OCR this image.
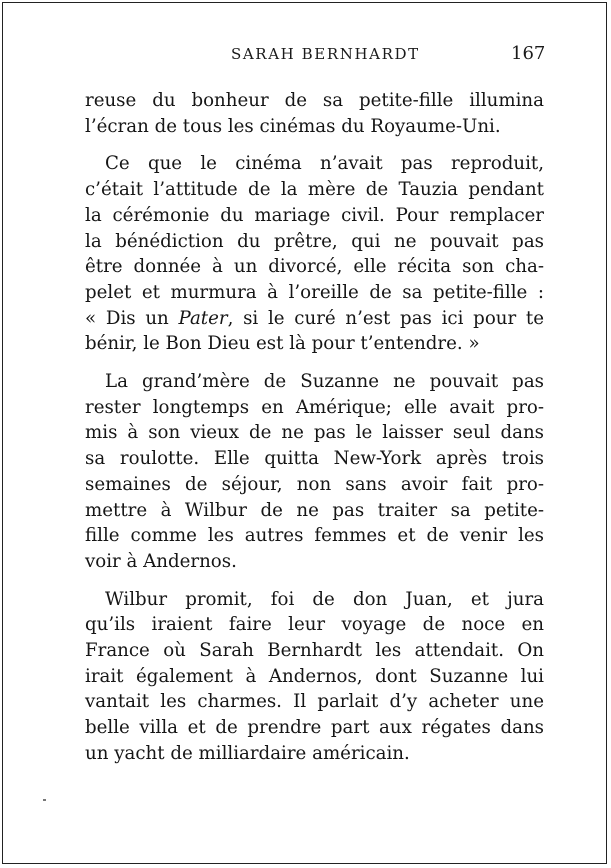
SARAH BERNHARDT	167

reuse du bonheur de sa petite-fille illumina
l’écran de tous les cinémas du Royaume-Uni.

Ce que le cinéma n’avait pas reproduit,
c’était l’attitude de la mère de Tauzia pendant
la cérémonie du mariage civil. Pour remplacer
la bénédiction du prêtre, qui ne pouvait pas
être donnée à un divorcé, elle récita son cha-
pelet et murmura à l’oreille de sa petite-fille :
« Dis un Pater, si le curé n’est pas ici pour te
bénir, le Bon Dieu est là pour t’entendre. »

La grand’mère de Suzanne ne pouvait pas
rester longtemps en Amérique; elle avait pro-
mis à son vieux de ne pas le laisser seul dans
sa roulotte. Elle quitta New-York après trois
semaines de séjour, non sans avoir fait pro-
mettre à Wilbur de ne pas traiter sa petite-
fille comme les autres femmes et de venir les
voir à Andernos.

Wilbur promit, foi de don Juan, et jura
qu’ils iraient faire leur voyage de noce en
France où Sarah Bernhardt les attendait. On
irait également à Andernos, dont Suzanne lui
vantait les charmes. Il parlait d’y acheter une
belle villa et de prendre part aux régates dans
un yacht de milliardaire américain.
